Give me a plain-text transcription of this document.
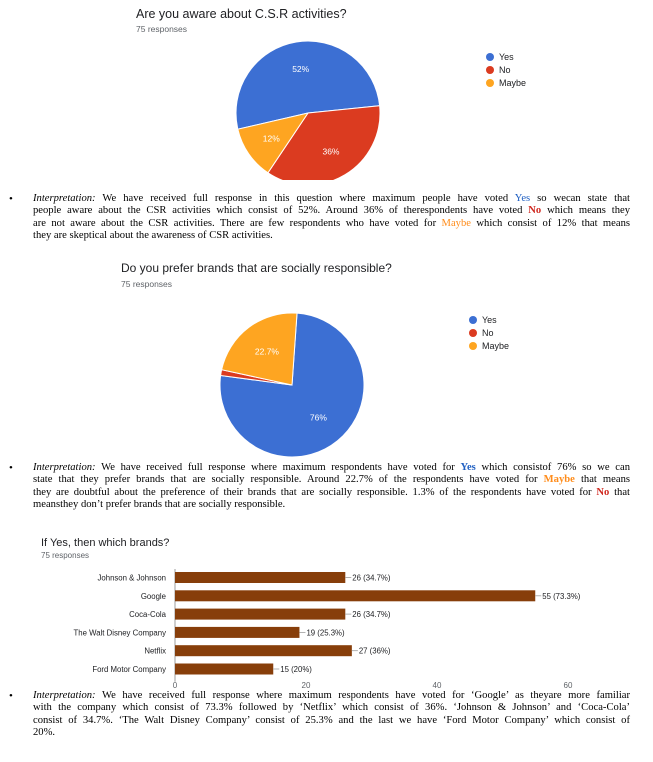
Are you aware about C.S.R activities?
75 responses
52%
36%
12%
Yes
No
Maybe
• Interpretation: We have received full response in this question where maximum people have voted Yes so wecan state that
people aware about the CSR activities which consist of 52%. Around 36% of therespondents have voted No which means they
are not aware about the CSR activities. There are few respondents who have voted for Maybe which consist of 12% that means
they are skeptical about the awareness of CSR activities.
Do you prefer brands that are socially responsible?
75 responses
76%
22.7%
Yes
No
Maybe
• Interpretation: We have received full response where maximum respondents have voted for Yes which consistof 76% so we can
state that they prefer brands that are socially responsible. Around 22.7% of the respondents have voted for Maybe that means
they are doubtful about the preference of their brands that are socially responsible. 1.3% of the respondents have voted for No that
meansthey don’t prefer brands that are socially responsible.
If Yes, then which brands?
75 responses
Johnson & Johnson	26 (34.7%)
Google	55 (73.3%)
Coca-Cola	26 (34.7%)
The Walt Disney Company	19 (25.3%)
Netflix	27 (36%)
Ford Motor Company	15 (20%)
0	20	40	60
• Interpretation: We have received full response where maximum respondents have voted for ‘Google’ as theyare more familiar
with the company which consist of 73.3% followed by ‘Netflix’ which consist of 36%. ‘Johnson & Johnson’ and ‘Coca-Cola’
consist of 34.7%. ‘The Walt Disney Company’ consist of 25.3% and the last we have ‘Ford Motor Company’ which consist of
20%.
